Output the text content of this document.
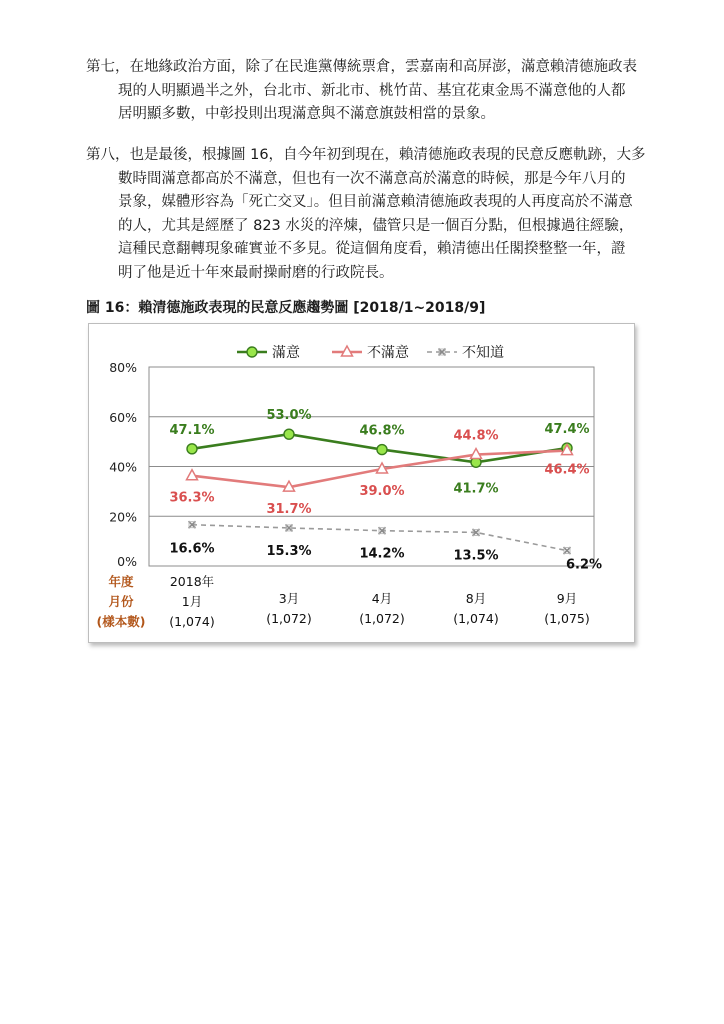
第七，在地緣政治方面，除了在民進黨傳統票倉，雲嘉南和高屏澎，滿意賴清德施政表
現的人明顯過半之外，台北市、新北市、桃竹苗、基宜花東金馬不滿意他的人都
居明顯多數，中彰投則出現滿意與不滿意旗鼓相當的景象。
第八，也是最後，根據圖 16，自今年初到現在，賴清德施政表現的民意反應軌跡，大多
數時間滿意都高於不滿意，但也有一次不滿意高於滿意的時候，那是今年八月的
景象，媒體形容為「死亡交叉」。但目前滿意賴清德施政表現的人再度高於不滿意
的人，尤其是經歷了 823 水災的淬煉，儘管只是一個百分點，但根據過往經驗，
這種民意翻轉現象確實並不多見。從這個角度看，賴清德出任閣揆整整一年，證
明了他是近十年來最耐操耐磨的行政院長。
圖 16：賴清德施政表現的民意反應趨勢圖 [2018/1~2018/9]
0%
20%
40%
60%
80%
滿意	不滿意	不知道
47.1%
53.0%
46.8%
41.7%
47.4%
36.3%
31.7%
39.0%
44.8%
46.4%
16.6%	15.3%	14.2%	13.5%
6.2%
年度
月份
(樣本數)
2018年
1月
(1,074)
3月
(1,072)
4月
(1,072)
8月
(1,074)
9月
(1,075)
